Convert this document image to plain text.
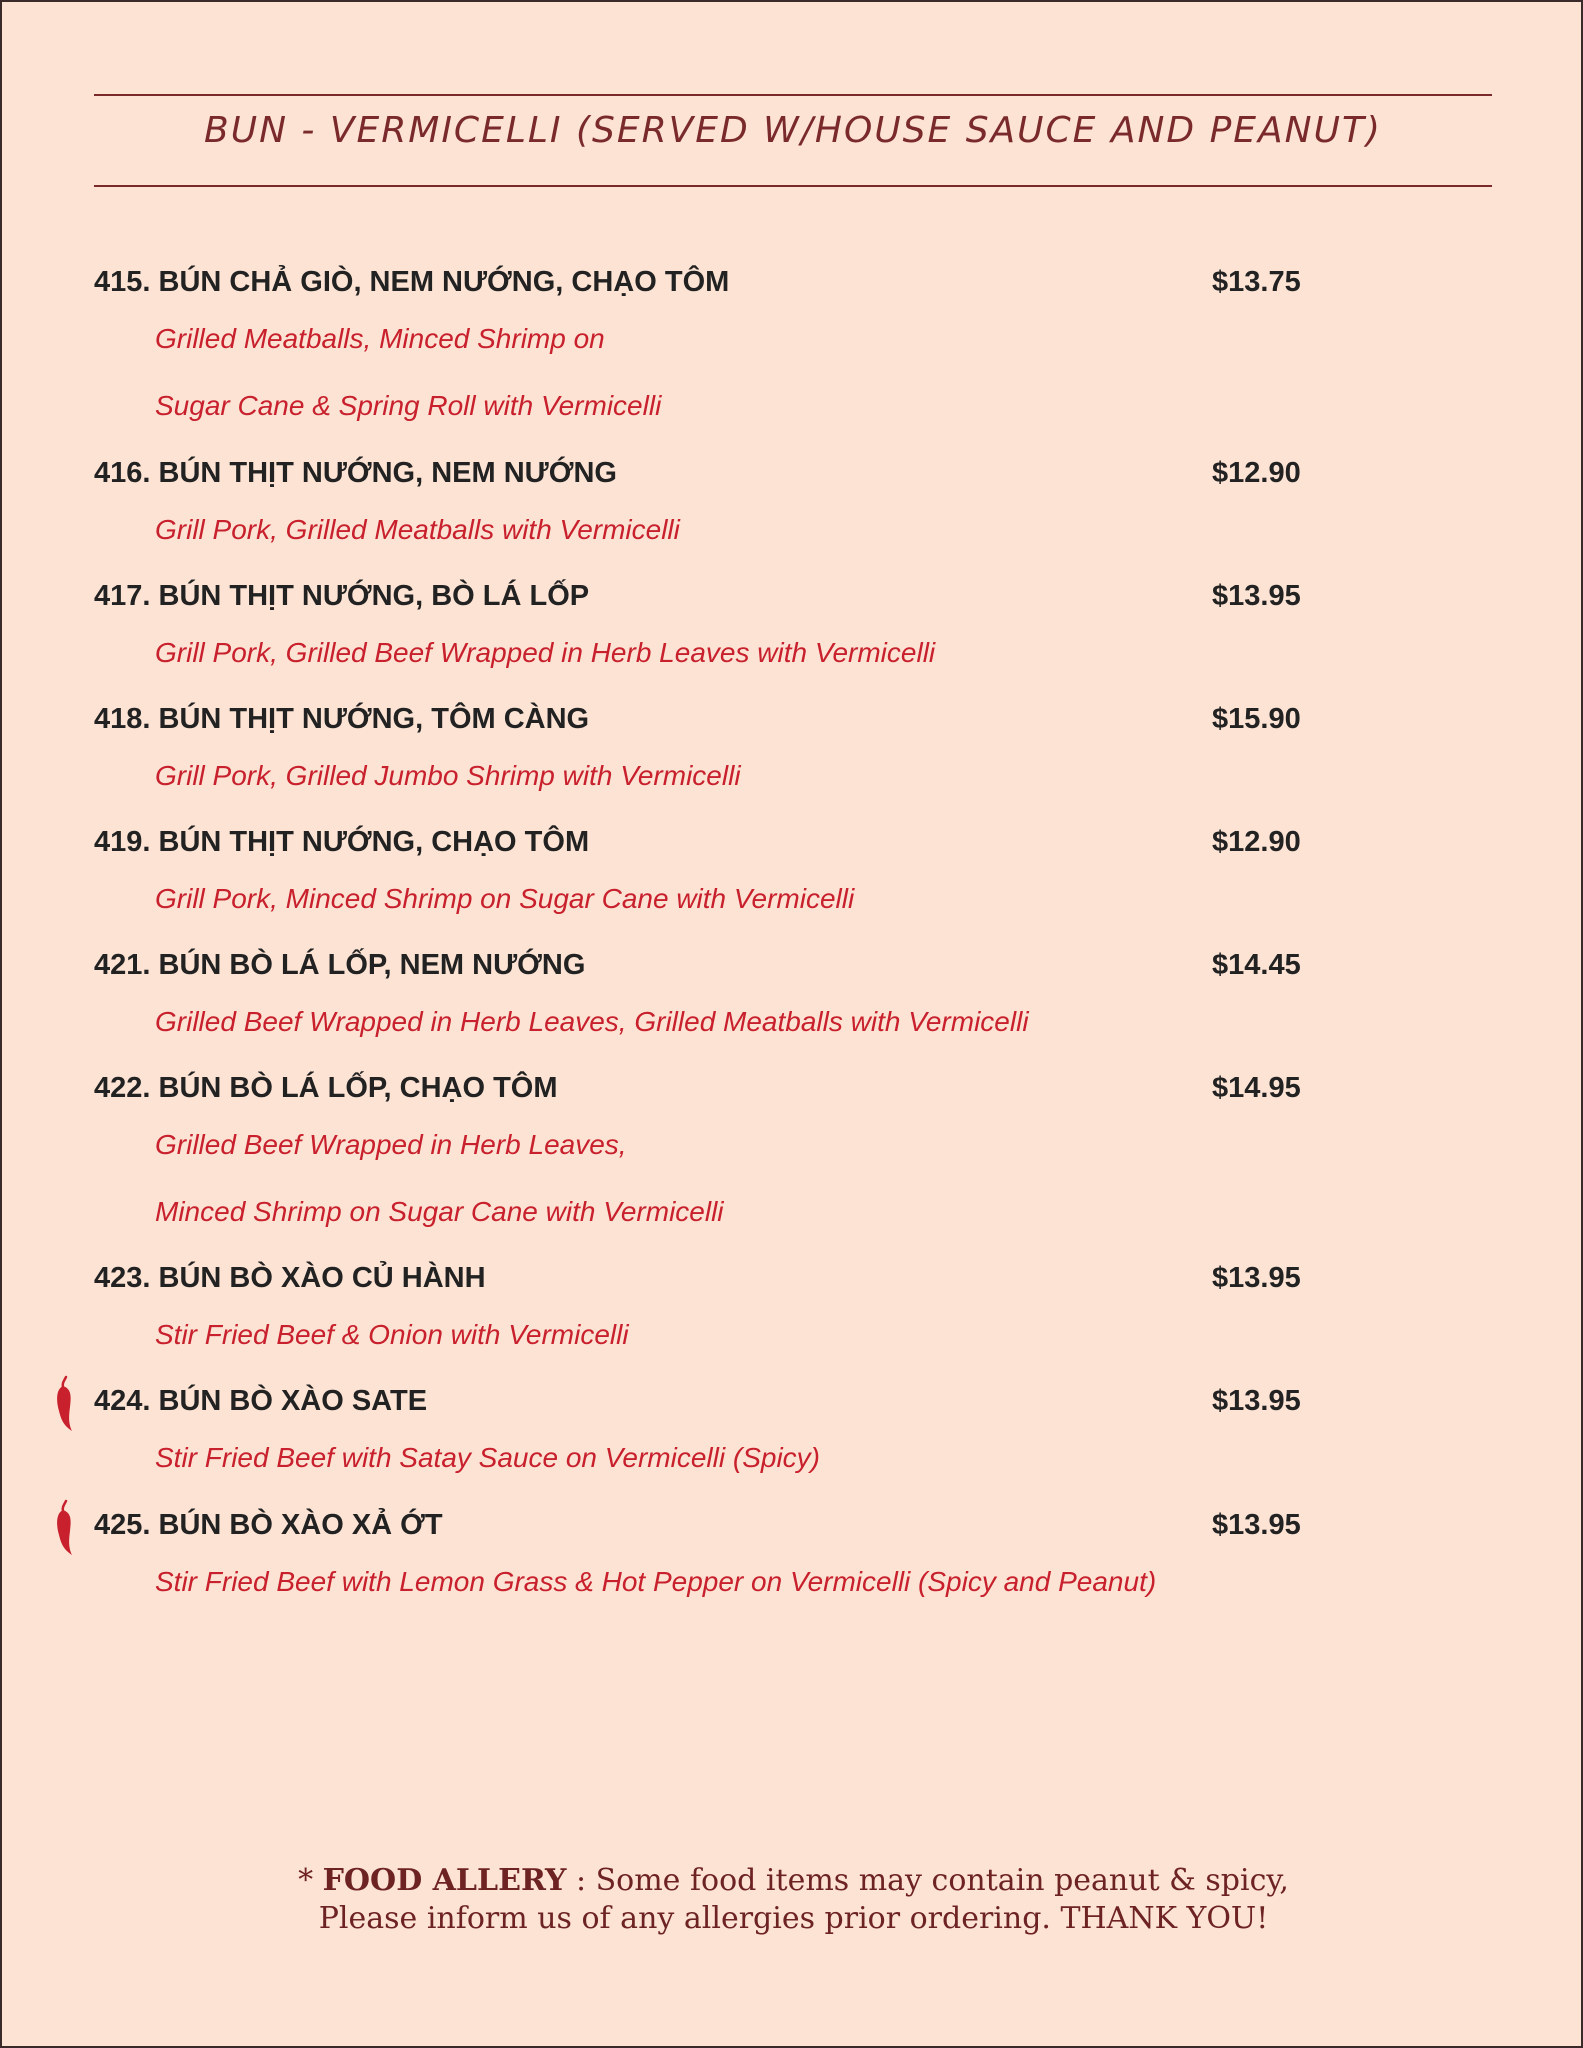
BUN - VERMICELLI (SERVED W/HOUSE SAUCE AND PEANUT)
415. BÚN CHẢ GIÒ, NEM NƯỚNG, CHẠO TÔM	$13.75
Grilled Meatballs, Minced Shrimp on
Sugar Cane & Spring Roll with Vermicelli
416. BÚN THỊT NƯỚNG, NEM NƯỚNG	$12.90
Grill Pork, Grilled Meatballs with Vermicelli
417. BÚN THỊT NƯỚNG, BÒ LÁ LỐP	$13.95
Grill Pork, Grilled Beef Wrapped in Herb Leaves with Vermicelli
418. BÚN THỊT NƯỚNG, TÔM CÀNG	$15.90
Grill Pork, Grilled Jumbo Shrimp with Vermicelli
419. BÚN THỊT NƯỚNG, CHẠO TÔM	$12.90
Grill Pork, Minced Shrimp on Sugar Cane with Vermicelli
421. BÚN BÒ LÁ LỐP, NEM NƯỚNG	$14.45
Grilled Beef Wrapped in Herb Leaves, Grilled Meatballs with Vermicelli
422. BÚN BÒ LÁ LỐP, CHẠO TÔM	$14.95
Grilled Beef Wrapped in Herb Leaves,
Minced Shrimp on Sugar Cane with Vermicelli
423. BÚN BÒ XÀO CỦ HÀNH	$13.95
Stir Fried Beef & Onion with Vermicelli
424. BÚN BÒ XÀO SATE	$13.95
Stir Fried Beef with Satay Sauce on Vermicelli (Spicy)
425. BÚN BÒ XÀO XẢ ỚT	$13.95
Stir Fried Beef with Lemon Grass & Hot Pepper on Vermicelli (Spicy and Peanut)
* FOOD ALLERY : Some food items may contain peanut & spicy,
Please inform us of any allergies prior ordering. THANK YOU!
